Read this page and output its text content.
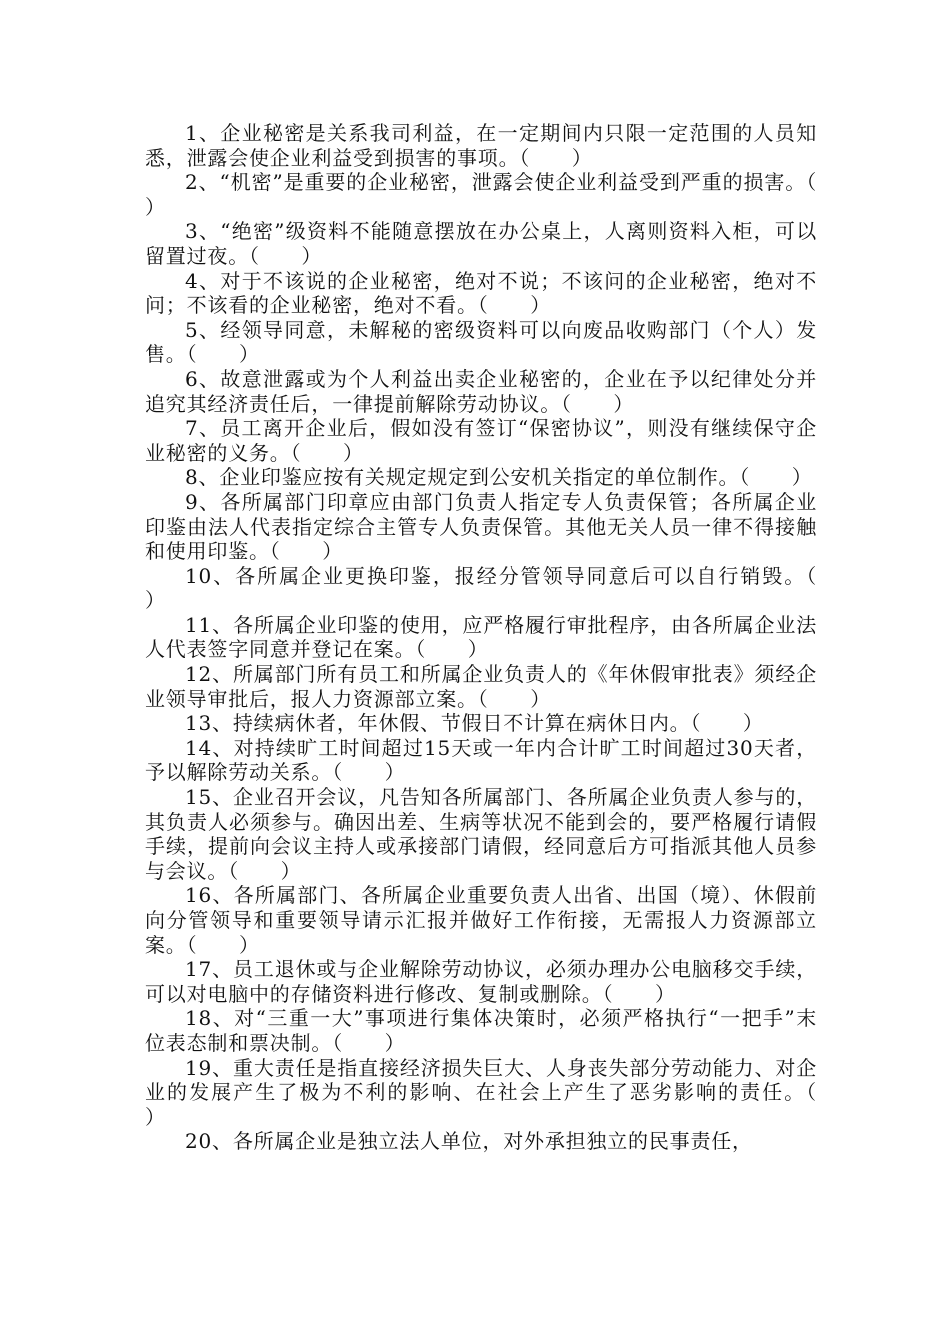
1、企业秘密是关系我司利益，在一定期间内只限一定范围的人员知悉，泄露会使企业利益受到损害的事项。（　　）

2、“机密”是重要的企业秘密，泄露会使企业利益受到严重的损害。（　　）

3、“绝密”级资料不能随意摆放在办公桌上，人离则资料入柜，可以留置过夜。（　　）

4、对于不该说的企业秘密，绝对不说；不该问的企业秘密，绝对不问；不该看的企业秘密，绝对不看。（　　）

5、经领导同意，未解秘的密级资料可以向废品收购部门（个人）发售。（　　）

6、故意泄露或为个人利益出卖企业秘密的，企业在予以纪律处分并追究其经济责任后，一律提前解除劳动协议。（　　）

7、员工离开企业后，假如没有签订“保密协议”，则没有继续保守企业秘密的义务。（　　）

8、企业印鉴应按有关规定规定到公安机关指定的单位制作。（　　）

9、各所属部门印章应由部门负责人指定专人负责保管；各所属企业印鉴由法人代表指定综合主管专人负责保管。其他无关人员一律不得接触和使用印鉴。（　　）

10、各所属企业更换印鉴，报经分管领导同意后可以自行销毁。（　　）

11、各所属企业印鉴的使用，应严格履行审批程序，由各所属企业法人代表签字同意并登记在案。（　　）

12、所属部门所有员工和所属企业负责人的《年休假审批表》须经企业领导审批后，报人力资源部立案。（　　）

13、持续病休者，年休假、节假日不计算在病休日内。（　　）

14、对持续旷工时间超过15天或一年内合计旷工时间超过30天者，予以解除劳动关系。（　　）

15、企业召开会议，凡告知各所属部门、各所属企业负责人参与的，其负责人必须参与。确因出差、生病等状况不能到会的，要严格履行请假手续，提前向会议主持人或承接部门请假，经同意后方可指派其他人员参与会议。（　　）

16、各所属部门、各所属企业重要负责人出省、出国（境）、休假前向分管领导和重要领导请示汇报并做好工作衔接，无需报人力资源部立案。（　　）

17、员工退休或与企业解除劳动协议，必须办理办公电脑移交手续，可以对电脑中的存储资料进行修改、复制或删除。（　　）

18、对“三重一大”事项进行集体决策时，必须严格执行“一把手”末位表态制和票决制。（　　）

19、重大责任是指直接经济损失巨大、人身丧失部分劳动能力、对企业的发展产生了极为不利的影响、在社会上产生了恶劣影响的责任。（　　）

20、各所属企业是独立法人单位，对外承担独立的民事责任，
